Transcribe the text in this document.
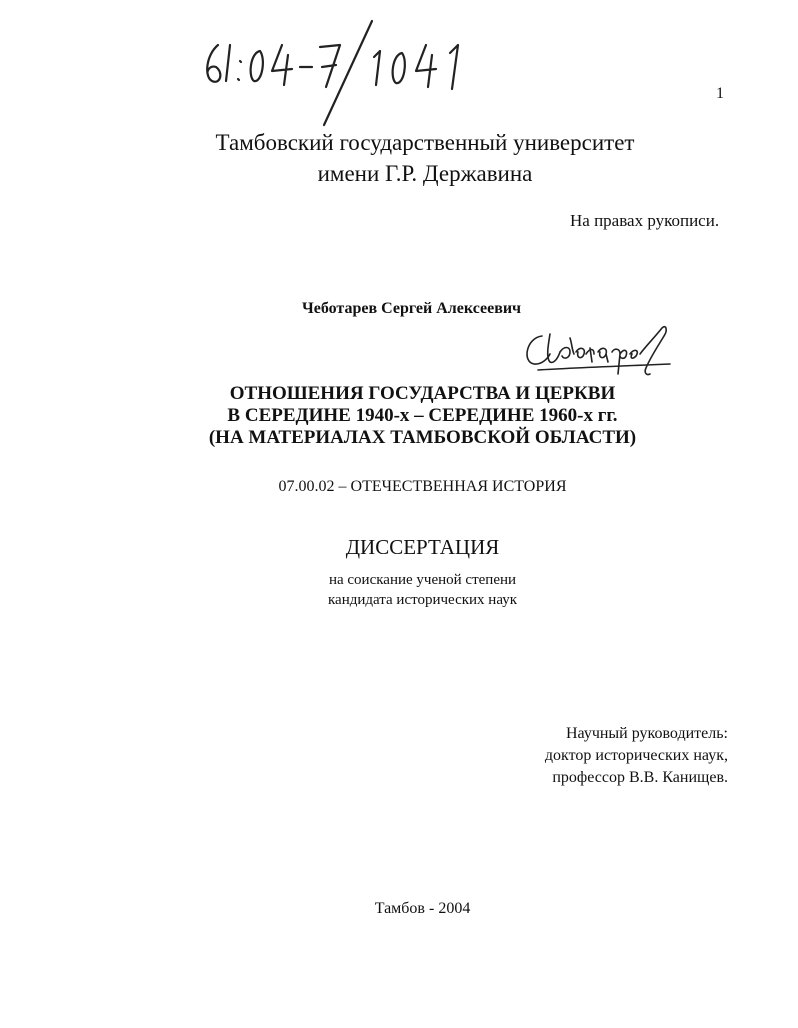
1
Тамбовский государственный университет
имени Г.Р. Державина
На правах рукописи.
Чеботарев Сергей Алексеевич
ОТНОШЕНИЯ ГОСУДАРСТВА И ЦЕРКВИ
В СЕРЕДИНЕ 1940-х – СЕРЕДИНЕ 1960-х гг.
(НА МАТЕРИАЛАХ ТАМБОВСКОЙ ОБЛАСТИ)
07.00.02 – ОТЕЧЕСТВЕННАЯ ИСТОРИЯ
ДИССЕРТАЦИЯ
на соискание ученой степени
кандидата исторических наук
Научный руководитель:
доктор исторических наук,
профессор В.В. Канищев.
Тамбов - 2004
